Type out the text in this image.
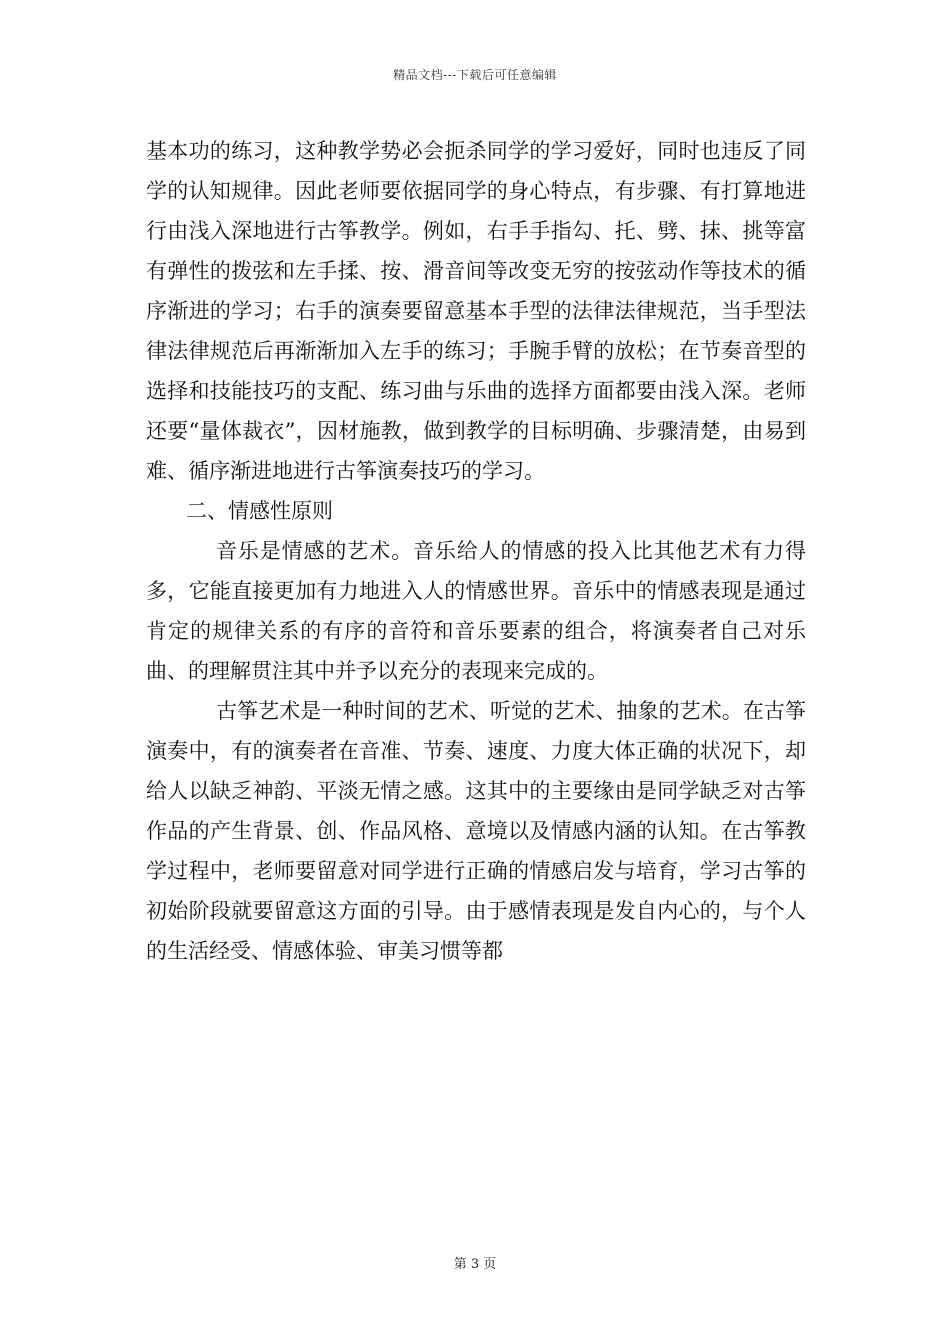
精品文档---下载后可任意编辑

基本功的练习，这种教学势必会扼杀同学的学习爱好，同时也违反了同学的认知规律。因此老师要依据同学的身心特点，有步骤、有打算地进行由浅入深地进行古筝教学。例如，右手手指勾、托、劈、抹、挑等富有弹性的拨弦和左手揉、按、滑音间等改变无穷的按弦动作等技术的循序渐进的学习；右手的演奏要留意基本手型的法律法律规范，当手型法律法律规范后再渐渐加入左手的练习；手腕手臂的放松；在节奏音型的选择和技能技巧的支配、练习曲与乐曲的选择方面都要由浅入深。老师还要“量体裁衣”，因材施教，做到教学的目标明确、步骤清楚，由易到难、循序渐进地进行古筝演奏技巧的学习。

二、情感性原则

音乐是情感的艺术。音乐给人的情感的投入比其他艺术有力得多，它能直接更加有力地进入人的情感世界。音乐中的情感表现是通过肯定的规律关系的有序的音符和音乐要素的组合，将演奏者自己对乐曲、的理解贯注其中并予以充分的表现来完成的。

古筝艺术是一种时间的艺术、听觉的艺术、抽象的艺术。在古筝演奏中，有的演奏者在音准、节奏、速度、力度大体正确的状况下，却给人以缺乏神韵、平淡无情之感。这其中的主要缘由是同学缺乏对古筝作品的产生背景、创、作品风格、意境以及情感内涵的认知。在古筝教学过程中，老师要留意对同学进行正确的情感启发与培育，学习古筝的初始阶段就要留意这方面的引导。由于感情表现是发自内心的，与个人的生活经受、情感体验、审美习惯等都

第 3 页
